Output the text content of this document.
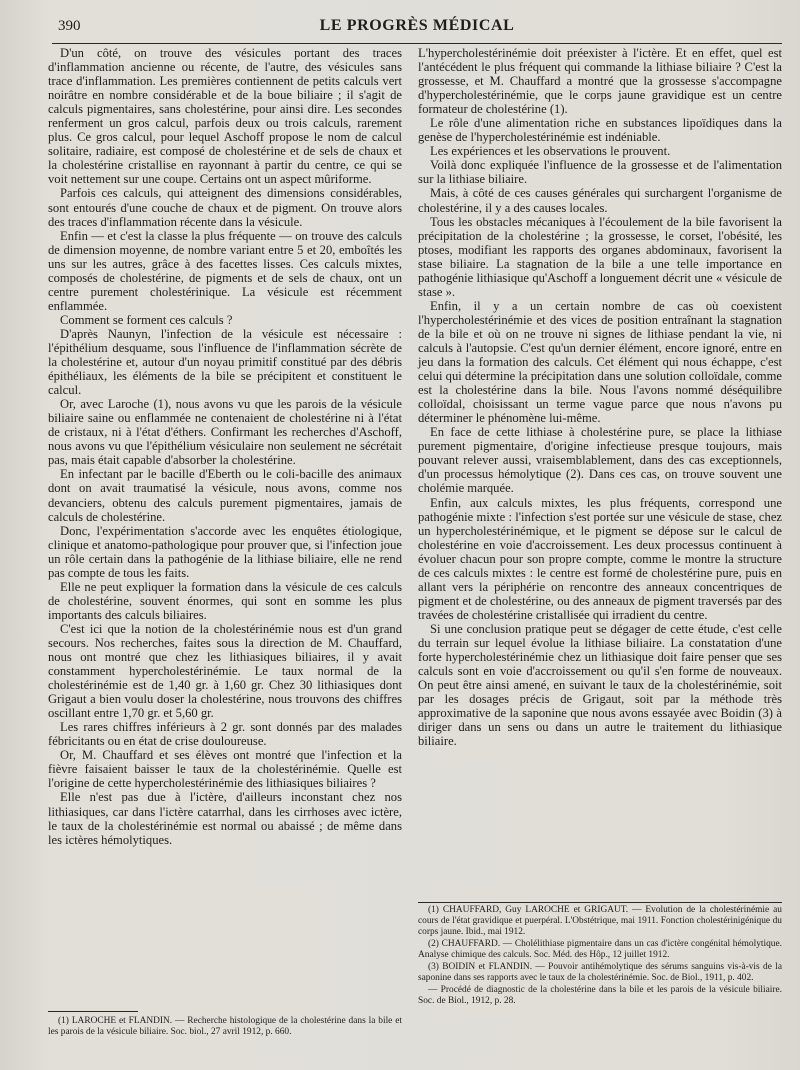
390	LE PROGRÈS MÉDICAL

D'un côté, on trouve des vésicules portant des traces d'inflammation ancienne ou récente, de l'autre, des vésicules sans trace d'inflammation. Les premières contiennent de petits calculs vert noirâtre en nombre considérable et de la boue biliaire ; il s'agit de calculs pigmentaires, sans cholestérine, pour ainsi dire. Les secondes renferment un gros calcul, parfois deux ou trois calculs, rarement plus. Ce gros calcul, pour lequel Aschoff propose le nom de calcul solitaire, radiaire, est composé de cholestérine et de sels de chaux et la cholestérine cristallise en rayonnant à partir du centre, ce qui se voit nettement sur une coupe. Certains ont un aspect mûriforme.

Parfois ces calculs, qui atteignent des dimensions considérables, sont entourés d'une couche de chaux et de pigment. On trouve alors des traces d'inflammation récente dans la vésicule.

Enfin — et c'est la classe la plus fréquente — on trouve des calculs de dimension moyenne, de nombre variant entre 5 et 20, emboîtés les uns sur les autres, grâce à des facettes lisses. Ces calculs mixtes, composés de cholestérine, de pigments et de sels de chaux, ont un centre purement cholestérinique. La vésicule est récemment enflammée.

Comment se forment ces calculs ?

D'après Naunyn, l'infection de la vésicule est nécessaire : l'épithélium desquame, sous l'influence de l'inflammation sécrète de la cholestérine et, autour d'un noyau primitif constitué par des débris épithéliaux, les éléments de la bile se précipitent et constituent le calcul.

Or, avec Laroche (1), nous avons vu que les parois de la vésicule biliaire saine ou enflammée ne contenaient de cholestérine ni à l'état de cristaux, ni à l'état d'éthers. Confirmant les recherches d'Aschoff, nous avons vu que l'épithélium vésiculaire non seulement ne sécrétait pas, mais était capable d'absorber la cholestérine.

En infectant par le bacille d'Eberth ou le coli-bacille des animaux dont on avait traumatisé la vésicule, nous avons, comme nos devanciers, obtenu des calculs purement pigmentaires, jamais de calculs de cholestérine.

Donc, l'expérimentation s'accorde avec les enquêtes étiologique, clinique et anatomo-pathologique pour prouver que, si l'infection joue un rôle certain dans la pathogénie de la lithiase biliaire, elle ne rend pas compte de tous les faits.

Elle ne peut expliquer la formation dans la vésicule de ces calculs de cholestérine, souvent énormes, qui sont en somme les plus importants des calculs biliaires.

C'est ici que la notion de la cholestérinémie nous est d'un grand secours. Nos recherches, faites sous la direction de M. Chauffard, nous ont montré que chez les lithiasiques biliaires, il y avait constamment hypercholestérinémie. Le taux normal de la cholestérinémie est de 1,40 gr. à 1,60 gr. Chez 30 lithiasiques dont Grigaut a bien voulu doser la cholestérine, nous trouvons des chiffres oscillant entre 1,70 gr. et 5,60 gr.

Les rares chiffres inférieurs à 2 gr. sont donnés par des malades fébricitants ou en état de crise douloureuse.

Or, M. Chauffard et ses élèves ont montré que l'infection et la fièvre faisaient baisser le taux de la cholestérinémie. Quelle est l'origine de cette hypercholestérinémie des lithiasiques biliaires ?

Elle n'est pas due à l'ictère, d'ailleurs inconstant chez nos lithiasiques, car dans l'ictère catarrhal, dans les cirrhoses avec ictère, le taux de la cholestérinémie est normal ou abaissé ; de même dans les ictères hémolytiques.

L'hypercholestérinémie doit préexister à l'ictère. Et en effet, quel est l'antécédent le plus fréquent qui commande la lithiase biliaire ? C'est la grossesse, et M. Chauffard a montré que la grossesse s'accompagne d'hypercholestérinémie, que le corps jaune gravidique est un centre formateur de cholestérine (1).

Le rôle d'une alimentation riche en substances lipoïdiques dans la genèse de l'hypercholestérinémie est indéniable.

Les expériences et les observations le prouvent.

Voilà donc expliquée l'influence de la grossesse et de l'alimentation sur la lithiase biliaire.

Mais, à côté de ces causes générales qui surchargent l'organisme de cholestérine, il y a des causes locales.

Tous les obstacles mécaniques à l'écoulement de la bile favorisent la précipitation de la cholestérine ; la grossesse, le corset, l'obésité, les ptoses, modifiant les rapports des organes abdominaux, favorisent la stase biliaire. La stagnation de la bile a une telle importance en pathogénie lithiasique qu'Aschoff a longuement décrit une « vésicule de stase ».

Enfin, il y a un certain nombre de cas où coexistent l'hypercholestérinémie et des vices de position entraînant la stagnation de la bile et où on ne trouve ni signes de lithiase pendant la vie, ni calculs à l'autopsie. C'est qu'un dernier élément, encore ignoré, entre en jeu dans la formation des calculs. Cet élément qui nous échappe, c'est celui qui détermine la précipitation dans une solution colloïdale, comme est la cholestérine dans la bile. Nous l'avons nommé déséquilibre colloïdal, choisissant un terme vague parce que nous n'avons pu déterminer le phénomène lui-même.

En face de cette lithiase à cholestérine pure, se place la lithiase purement pigmentaire, d'origine infectieuse presque toujours, mais pouvant relever aussi, vraisemblablement, dans des cas exceptionnels, d'un processus hémolytique (2). Dans ces cas, on trouve souvent une cholémie marquée.

Enfin, aux calculs mixtes, les plus fréquents, correspond une pathogénie mixte : l'infection s'est portée sur une vésicule de stase, chez un hypercholestérinémique, et le pigment se dépose sur le calcul de cholestérine en voie d'accroissement. Les deux processus continuent à évoluer chacun pour son propre compte, comme le montre la structure de ces calculs mixtes : le centre est formé de cholestérine pure, puis en allant vers la périphérie on rencontre des anneaux concentriques de pigment et de cholestérine, ou des anneaux de pigment traversés par des travées de cholestérine cristallisée qui irradient du centre.

Si une conclusion pratique peut se dégager de cette étude, c'est celle du terrain sur lequel évolue la lithiase biliaire. La constatation d'une forte hypercholestérinémie chez un lithiasique doit faire penser que ses calculs sont en voie d'accroissement ou qu'il s'en forme de nouveaux. On peut être ainsi amené, en suivant le taux de la cholestérinémie, soit par les dosages précis de Grigaut, soit par la méthode très approximative de la saponine que nous avons essayée avec Boidin (3) à diriger dans un sens ou dans un autre le traitement du lithiasique biliaire.

(1) LAROCHE et FLANDIN. — Recherche histologique de la cholestérine dans la bile et les parois de la vésicule biliaire. Soc. biol., 27 avril 1912, p. 660.

(1) CHAUFFARD, Guy LAROCHE et GRIGAUT. — Evolution de la cholestérinémie au cours de l'état gravidique et puerpéral. L'Obstétrique, mai 1911. Fonction cholestérinigénique du corps jaune. Ibid., mai 1912.

(2) CHAUFFARD. — Cholélithiase pigmentaire dans un cas d'ictère congénital hémolytique. Analyse chimique des calculs. Soc. Méd. des Hôp., 12 juillet 1912.

(3) BOIDIN et FLANDIN. — Pouvoir antihémolytique des sérums sanguins vis-à-vis de la saponine dans ses rapports avec le taux de la cholestérinémie. Soc. de Biol., 1911, p. 402.

— Procédé de diagnostic de la cholestérine dans la bile et les parois de la vésicule biliaire. Soc. de Biol., 1912, p. 28.
